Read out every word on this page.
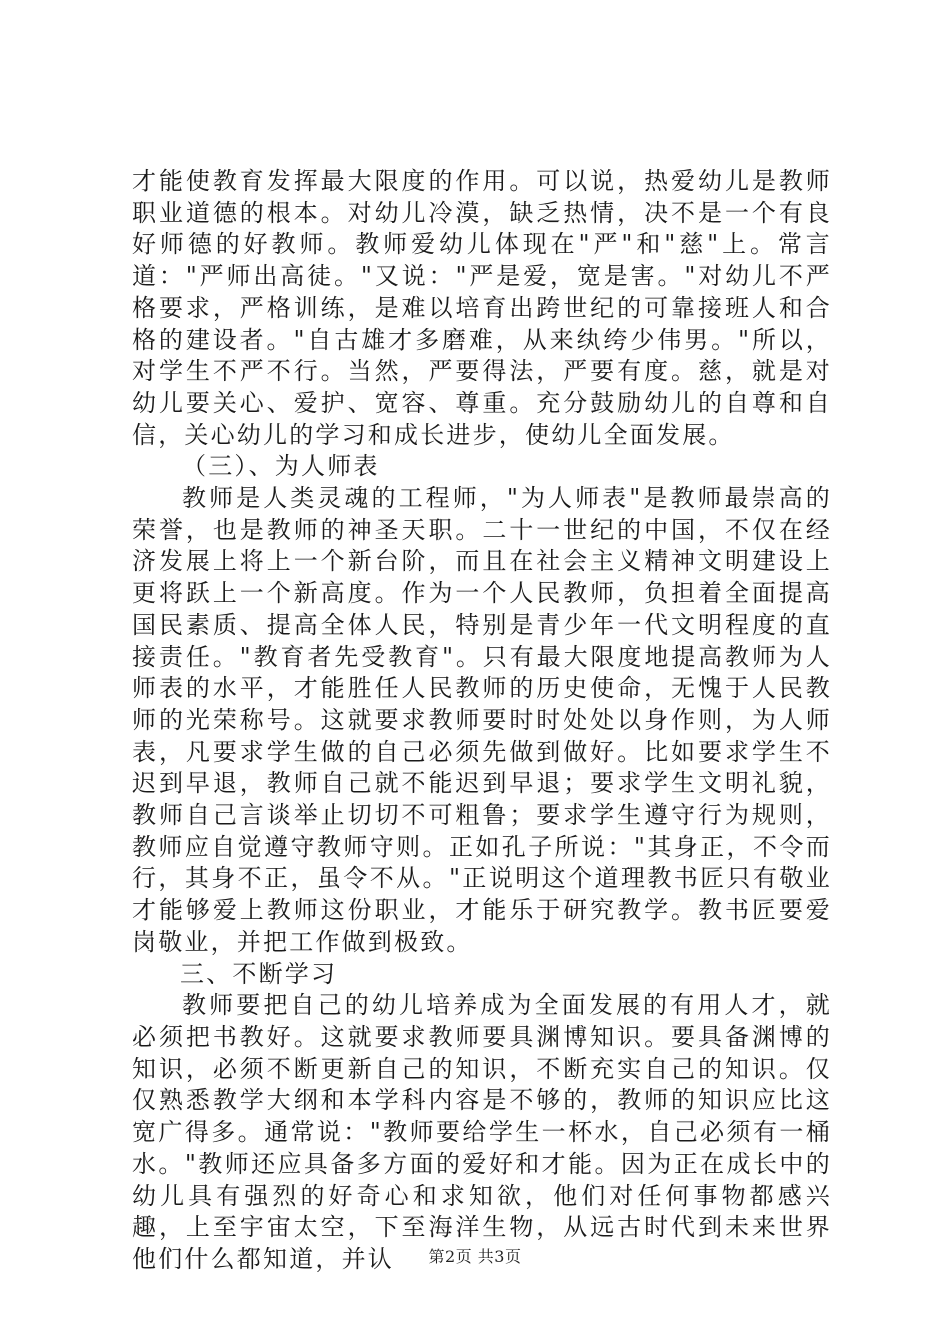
才能使教育发挥最大限度的作用。可以说，热爱幼儿是教师职业道德的根本。对幼儿冷漠，缺乏热情，决不是一个有良好师德的好教师。教师爱幼儿体现在"严"和"慈"上。常言道："严师出高徒。"又说："严是爱，宽是害。"对幼儿不严格要求，严格训练，是难以培育出跨世纪的可靠接班人和合格的建设者。"自古雄才多磨难，从来纨绔少伟男。"所以，对学生不严不行。当然，严要得法，严要有度。慈，就是对幼儿要关心、爱护、宽容、尊重。充分鼓励幼儿的自尊和自信，关心幼儿的学习和成长进步，使幼儿全面发展。

（三）、为人师表

教师是人类灵魂的工程师，"为人师表"是教师最崇高的荣誉，也是教师的神圣天职。二十一世纪的中国，不仅在经济发展上将上一个新台阶，而且在社会主义精神文明建设上更将跃上一个新高度。作为一个人民教师，负担着全面提高国民素质、提高全体人民，特别是青少年一代文明程度的直接责任。"教育者先受教育"。只有最大限度地提高教师为人师表的水平，才能胜任人民教师的历史使命，无愧于人民教师的光荣称号。这就要求教师要时时处处以身作则，为人师表，凡要求学生做的自己必须先做到做好。比如要求学生不迟到早退，教师自己就不能迟到早退；要求学生文明礼貌，教师自己言谈举止切切不可粗鲁；要求学生遵守行为规则，教师应自觉遵守教师守则。正如孔子所说："其身正，不令而行，其身不正，虽令不从。"正说明这个道理教书匠只有敬业才能够爱上教师这份职业，才能乐于研究教学。教书匠要爱岗敬业，并把工作做到极致。

三、不断学习

教师要把自己的幼儿培养成为全面发展的有用人才，就必须把书教好。这就要求教师要具渊博知识。要具备渊博的知识，必须不断更新自己的知识，不断充实自己的知识。仅仅熟悉教学大纲和本学科内容是不够的，教师的知识应比这宽广得多。通常说："教师要给学生一杯水，自己必须有一桶水。"教师还应具备多方面的爱好和才能。因为正在成长中的幼儿具有强烈的好奇心和求知欲，他们对任何事物都感兴趣，上至宇宙太空，下至海洋生物，从远古时代到未来世界他们什么都知道，并认	第2页 共3页
